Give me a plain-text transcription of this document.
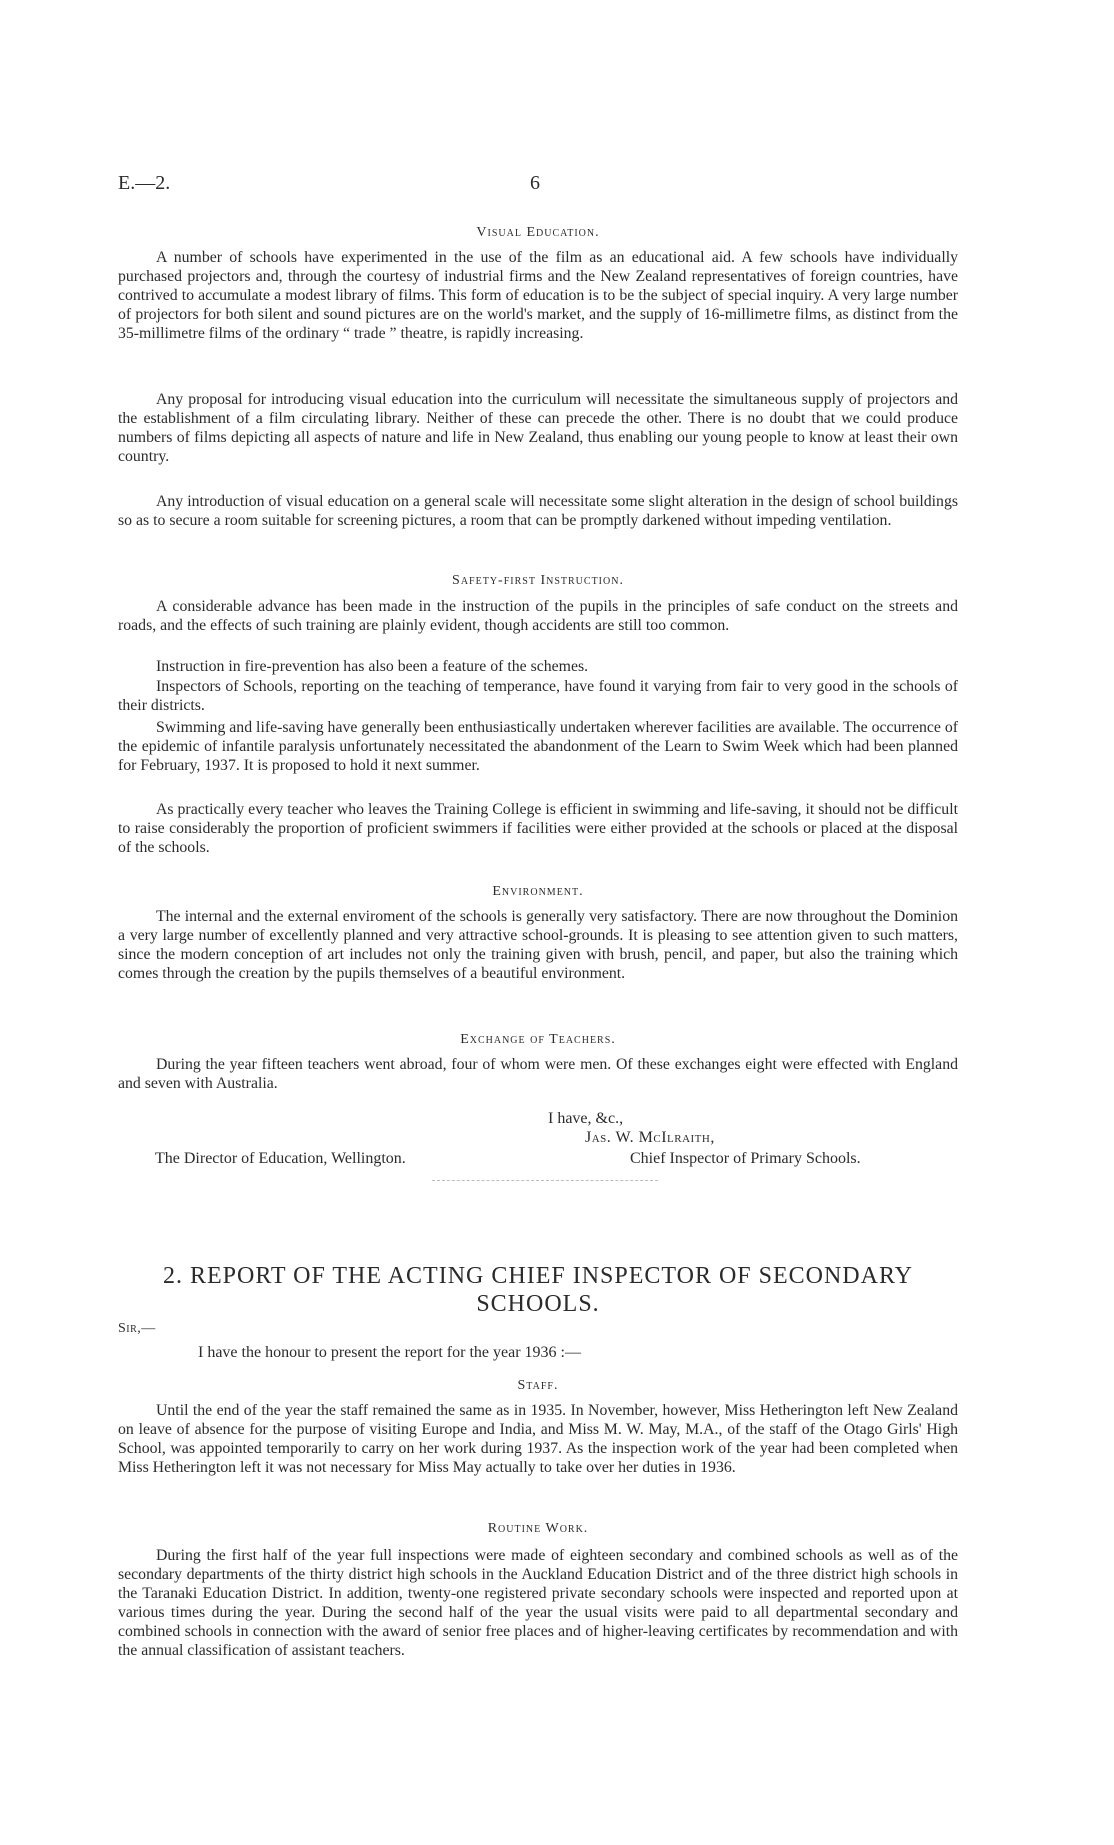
E.—2.	6
Visual Education.

A number of schools have experimented in the use of the film as an educational aid. A few schools have individually purchased projectors and, through the courtesy of industrial firms and the New Zealand representatives of foreign countries, have contrived to accumulate a modest library of films. This form of education is to be the subject of special inquiry. A very large number of projectors for both silent and sound pictures are on the world's market, and the supply of 16-millimetre films, as distinct from the 35-millimetre films of the ordinary “ trade ” theatre, is rapidly increasing.

Any proposal for introducing visual education into the curriculum will necessitate the simultaneous supply of projectors and the establishment of a film circulating library. Neither of these can precede the other. There is no doubt that we could produce numbers of films depicting all aspects of nature and life in New Zealand, thus enabling our young people to know at least their own country.

Any introduction of visual education on a general scale will necessitate some slight alteration in the design of school buildings so as to secure a room suitable for screening pictures, a room that can be promptly darkened without impeding ventilation.

Safety-first Instruction.

A considerable advance has been made in the instruction of the pupils in the principles of safe conduct on the streets and roads, and the effects of such training are plainly evident, though accidents are still too common.

Instruction in fire-prevention has also been a feature of the schemes.

Inspectors of Schools, reporting on the teaching of temperance, have found it varying from fair to very good in the schools of their districts.

Swimming and life-saving have generally been enthusiastically undertaken wherever facilities are available. The occurrence of the epidemic of infantile paralysis unfortunately necessitated the abandonment of the Learn to Swim Week which had been planned for February, 1937. It is proposed to hold it next summer.

As practically every teacher who leaves the Training College is efficient in swimming and life-saving, it should not be difficult to raise considerably the proportion of proficient swimmers if facilities were either provided at the schools or placed at the disposal of the schools.

Environment.

The internal and the external enviroment of the schools is generally very satisfactory. There are now throughout the Dominion a very large number of excellently planned and very attractive school-grounds. It is pleasing to see attention given to such matters, since the modern conception of art includes not only the training given with brush, pencil, and paper, but also the training which comes through the creation by the pupils themselves of a beautiful environment.

Exchange of Teachers.

During the year fifteen teachers went abroad, four of whom were men. Of these exchanges eight were effected with England and seven with Australia.

I have, &c.,
Jas. W. McIlraith,
The Director of Education, Wellington.	Chief Inspector of Primary Schools.
2. REPORT OF THE ACTING CHIEF INSPECTOR OF SECONDARY
SCHOOLS.
Sir,—
I have the honour to present the report for the year 1936 :—
Staff.

Until the end of the year the staff remained the same as in 1935. In November, however, Miss Hetherington left New Zealand on leave of absence for the purpose of visiting Europe and India, and Miss M. W. May, M.A., of the staff of the Otago Girls' High School, was appointed temporarily to carry on her work during 1937. As the inspection work of the year had been completed when Miss Hetherington left it was not necessary for Miss May actually to take over her duties in 1936.

Routine Work.

During the first half of the year full inspections were made of eighteen secondary and combined schools as well as of the secondary departments of the thirty district high schools in the Auckland Education District and of the three district high schools in the Taranaki Education District. In addition, twenty-one registered private secondary schools were inspected and reported upon at various times during the year. During the second half of the year the usual visits were paid to all departmental secondary and combined schools in connection with the award of senior free places and of higher-leaving certificates by recommendation and with the annual classification of assistant teachers.
